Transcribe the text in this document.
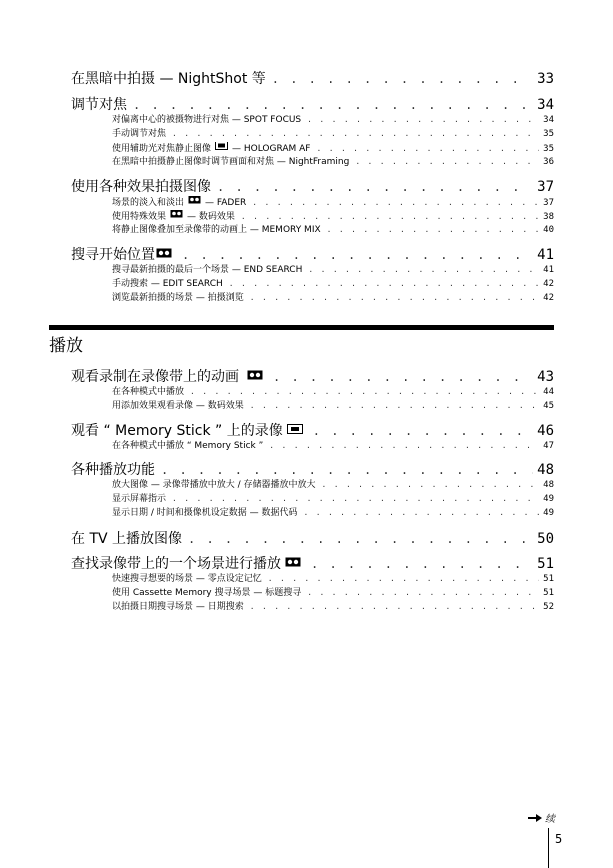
在黑暗中拍摄 — NightShot 等 . . .	33
调节对焦 . . .	34
对偏离中心的被摄物进行对焦 — SPOT FOCUS . . .	34
手动调节对焦 . . .	35
使用辅助光对焦静止图像 — HOLOGRAM AF . . .	35
在黑暗中拍摄静止图像时调节画面和对焦 — NightFraming . . .	36
使用各种效果拍摄图像 . . .	37
场景的淡入和淡出 — FADER . . .	37
使用特殊效果 — 数码效果 . . .	38
将静止图像叠加至录像带的动画上 — MEMORY MIX . . .	40
搜寻开始位置 . . .	41
搜寻最新拍摄的最后一个场景 — END SEARCH . . .	41
手动搜索 — EDIT SEARCH . . .	42
浏览最新拍摄的场景 — 拍摄浏览 . . .	42
播放
观看录制在录像带上的动画 . . .	43
在各种模式中播放 . . .	44
用添加效果观看录像 — 数码效果 . . .	45
观看 “ Memory Stick ” 上的录像 . . .	46
在各种模式中播放 “ Memory Stick ” . . .	47
各种播放功能 . . .	48
放大图像 — 录像带播放中放大 / 存储器播放中放大 . . .	48
显示屏幕指示 . . .	49
显示日期 / 时间和摄像机设定数据 — 数据代码 . . .	49
在 TV 上播放图像 . . .	50
查找录像带上的一个场景进行播放 . . .	51
快速搜寻想要的场景 — 零点设定记忆 . . .	51
使用 Cassette Memory 搜寻场景 — 标题搜寻 . . .	51
以拍摄日期搜寻场景 — 日期搜索 . . .	52
续
5
